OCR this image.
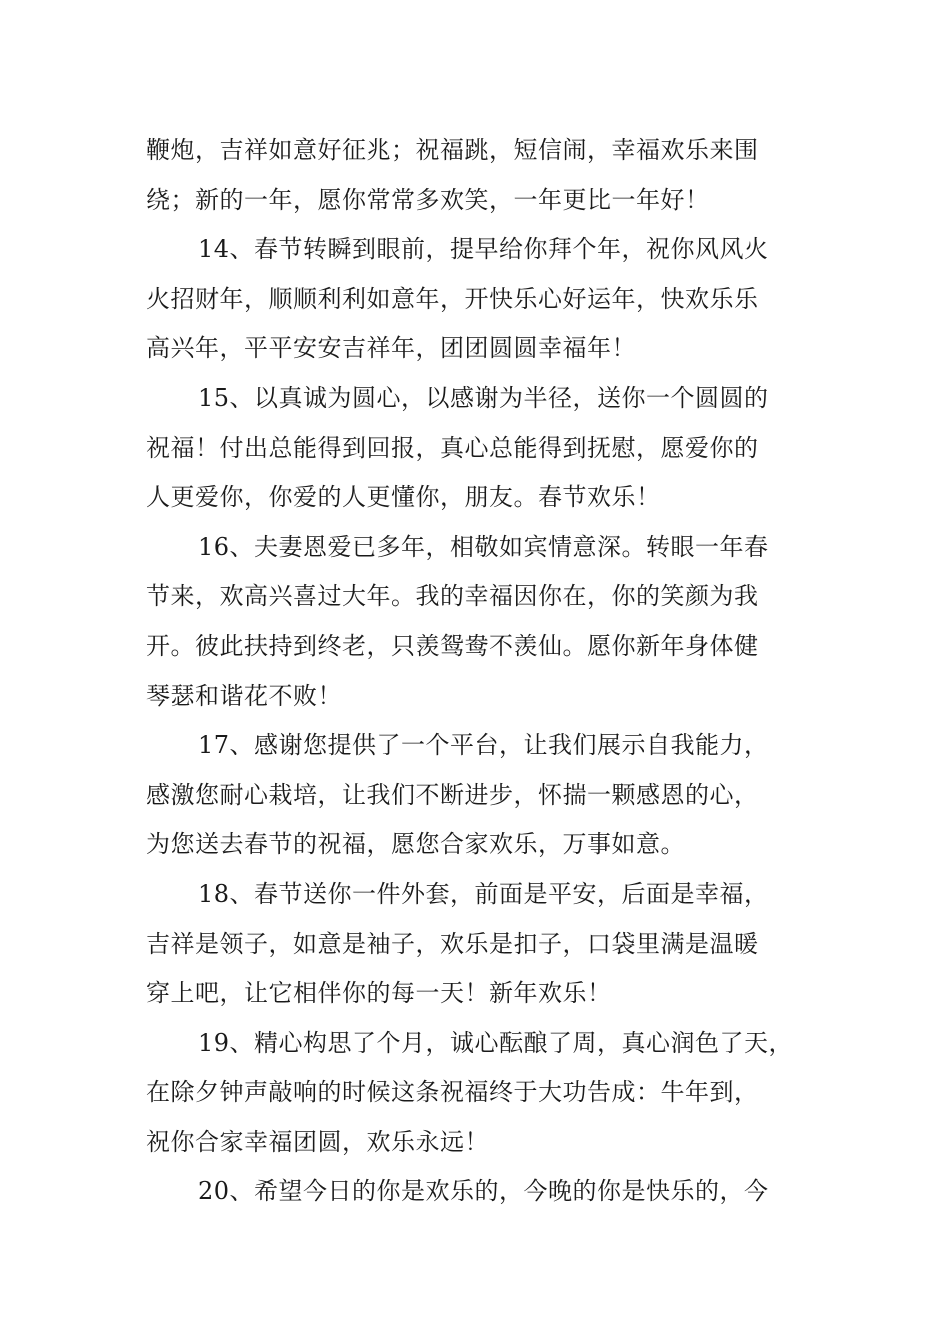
鞭炮，吉祥如意好征兆；祝福跳，短信闹，幸福欢乐来围
绕；新的一年，愿你常常多欢笑，一年更比一年好！
14、春节转瞬到眼前，提早给你拜个年，祝你风风火
火招财年，顺顺利利如意年，开快乐心好运年，快欢乐乐
高兴年，平平安安吉祥年，团团圆圆幸福年！
15、以真诚为圆心，以感谢为半径，送你一个圆圆的
祝福！付出总能得到回报，真心总能得到抚慰，愿爱你的
人更爱你，你爱的人更懂你，朋友。春节欢乐！
16、夫妻恩爱已多年，相敬如宾情意深。转眼一年春
节来，欢高兴喜过大年。我的幸福因你在，你的笑颜为我
开。彼此扶持到终老，只羡鸳鸯不羡仙。愿你新年身体健
琴瑟和谐花不败！
17、感谢您提供了一个平台，让我们展示自我能力，
感激您耐心栽培，让我们不断进步，怀揣一颗感恩的心，
为您送去春节的祝福，愿您合家欢乐，万事如意。
18、春节送你一件外套，前面是平安，后面是幸福，
吉祥是领子，如意是袖子，欢乐是扣子，口袋里满是温暖
穿上吧，让它相伴你的每一天！新年欢乐！
19、精心构思了个月，诚心酝酿了周，真心润色了天，
在除夕钟声敲响的时候这条祝福终于大功告成：牛年到，
祝你合家幸福团圆，欢乐永远！
20、希望今日的你是欢乐的，今晚的你是快乐的，今
